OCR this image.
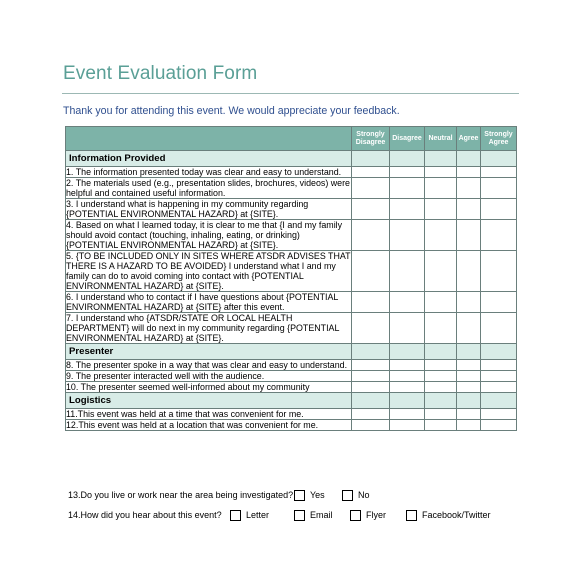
Event Evaluation Form
Thank you for attending this event. We would appreciate your feedback.
	Strongly Disagree	Disagree	Neutral	Agree	Strongly Agree
Information Provided					
1. The information presented today was clear and easy to understand.					
2. The materials used (e.g., presentation slides, brochures, videos) were helpful and contained useful information.					
3. I understand what is happening in my community regarding {POTENTIAL ENVIRONMENTAL HAZARD} at {SITE}.					
4. Based on what I learned today, it is clear to me that {I and my family should avoid contact (touching, inhaling, eating, or drinking) {POTENTIAL ENVIRONMENTAL HAZARD} at {SITE}.					
5. {TO BE INCLUDED ONLY IN SITES WHERE ATSDR ADVISES THAT THERE IS A HAZARD TO BE AVOIDED} I understand what I and my family can do to avoid coming into contact with {POTENTIAL ENVIRONMENTAL HAZARD} at {SITE}.					
6. I understand who to contact if I have questions about {POTENTIAL ENVIRONMENTAL HAZARD} at {SITE} after this event.					
7. I understand who {ATSDR/STATE OR LOCAL HEALTH DEPARTMENT} will do next in my community regarding {POTENTIAL ENVIRONMENTAL HAZARD} at {SITE}.					
Presenter					
8. The presenter spoke in a way that was clear and easy to understand.					
9. The presenter interacted well with the audience.					
10. The presenter seemed well-informed about my community					
Logistics					
11.This event was held at a time that was convenient for me.					
12.This event was held at a location that was convenient for me.					
13.Do you live or work near the area being investigated? Yes	No
14.How did you hear about this event?	Letter	Email	Flyer	Facebook/Twitter
